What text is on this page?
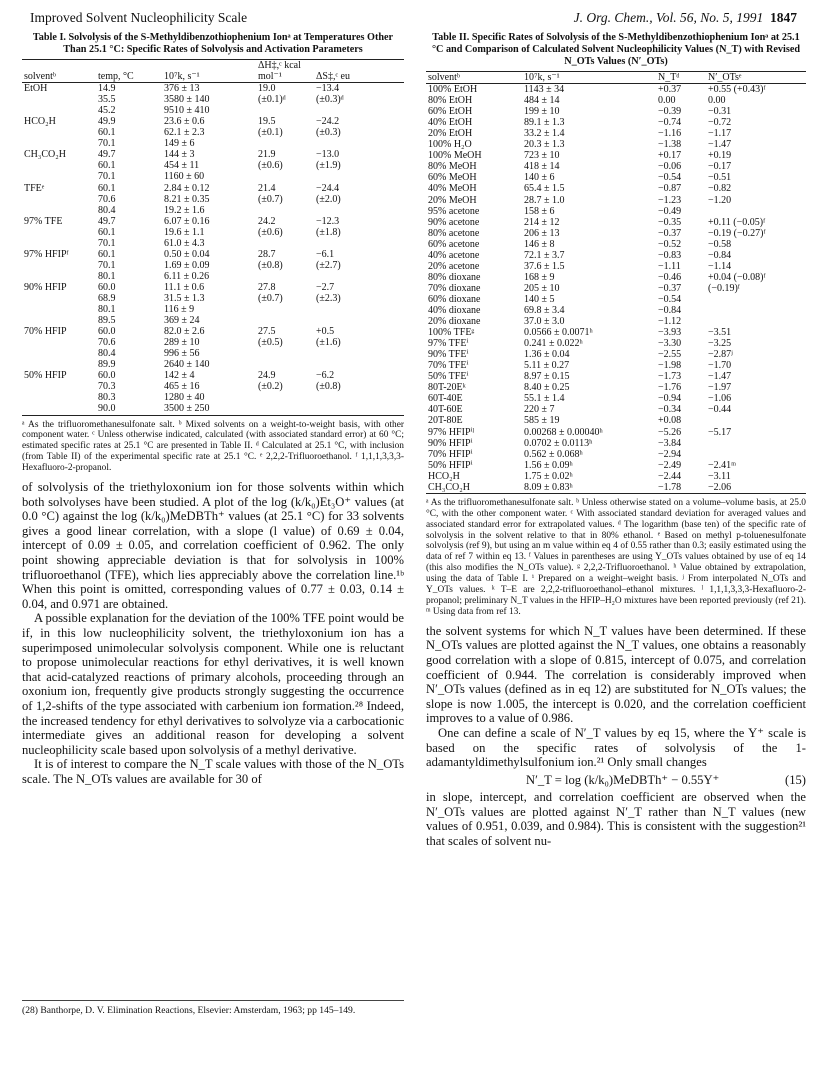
Improved Solvent Nucleophilicity Scale	J. Org. Chem., Vol. 56, No. 5, 1991 1847
Table I. Solvolysis of the S-Methyldibenzothiophenium Ionᵃ at Temperatures Other Than 25.1 °C: Specific Rates of Solvolysis and Activation Parameters
solventᵇ	temp, °C	10⁷k, s⁻¹	ΔH‡,ᶜ kcal mol⁻¹	ΔS‡,ᶜ eu
EtOH	14.9	376 ± 13	19.0	−13.4
	35.5	3580 ± 140	(±0.1)ᵈ	(±0.3)ᵈ
	45.2	9510 ± 410		
HCO₂H	49.9	23.6 ± 0.6	19.5	−24.2
	60.1	62.1 ± 2.3	(±0.1)	(±0.3)
	70.1	149 ± 6		
CH₃CO₂H	49.7	144 ± 3	21.9	−13.0
	60.1	454 ± 11	(±0.6)	(±1.9)
	70.1	1160 ± 60		
TFEᵉ	60.1	2.84 ± 0.12	21.4	−24.4
	70.6	8.21 ± 0.35	(±0.7)	(±2.0)
	80.4	19.2 ± 1.6		
97% TFE	49.7	6.07 ± 0.16	24.2	−12.3
	60.1	19.6 ± 1.1	(±0.6)	(±1.8)
	70.1	61.0 ± 4.3		
97% HFIPᶠ	60.1	0.50 ± 0.04	28.7	−6.1
	70.1	1.69 ± 0.09	(±0.8)	(±2.7)
	80.1	6.11 ± 0.26		
90% HFIP	60.0	11.1 ± 0.6	27.8	−2.7
	68.9	31.5 ± 1.3	(±0.7)	(±2.3)
	80.1	116 ± 9		
	89.5	369 ± 24		
70% HFIP	60.0	82.0 ± 2.6	27.5	+0.5
	70.6	289 ± 10	(±0.5)	(±1.6)
	80.4	996 ± 56		
	89.9	2640 ± 140		
50% HFIP	60.0	142 ± 4	24.9	−6.2
	70.3	465 ± 16	(±0.2)	(±0.8)
	80.3	1280 ± 40		
	90.0	3500 ± 250		
ᵃ As the trifluoromethanesulfonate salt. ᵇ Mixed solvents on a weight-to-weight basis, with other component water. ᶜ Unless otherwise indicated, calculated (with associated standard error) at 60 °C; estimated specific rates at 25.1 °C are presented in Table II. ᵈ Calculated at 25.1 °C, with inclusion (from Table II) of the experimental specific rate at 25.1 °C. ᵉ 2,2,2-Trifluoroethanol. ᶠ 1,1,1,3,3,3-Hexafluoro-2-propanol.

of solvolysis of the triethyloxonium ion for those solvents within which both solvolyses have been studied. A plot of the log (k/k₀)Et₃O⁺ values (at 0.0 °C) against the log (k/k₀)MeDBTh⁺ values (at 25.1 °C) for 33 solvents gives a good linear correlation, with a slope (l value) of 0.69 ± 0.04, intercept of 0.09 ± 0.05, and correlation coefficient of 0.962. The only point showing appreciable deviation is that for solvolysis in 100% trifluoroethanol (TFE), which lies appreciably above the correlation line.¹ᵇ When this point is omitted, corresponding values of 0.77 ± 0.03, 0.14 ± 0.04, and 0.971 are obtained.

A possible explanation for the deviation of the 100% TFE point would be if, in this low nucleophilicity solvent, the triethyloxonium ion has a superimposed unimolecular solvolysis component. While one is reluctant to propose unimolecular reactions for ethyl derivatives, it is well known that acid-catalyzed reactions of primary alcohols, proceeding through an oxonium ion, frequently give products strongly suggesting the occurrence of 1,2-shifts of the type associated with carbenium ion formation.²⁸ Indeed, the increased tendency for ethyl derivatives to solvolyze via a carbocationic intermediate gives an additional reason for developing a solvent nucleophilicity scale based upon solvolysis of a methyl derivative.

It is of interest to compare the N_T scale values with those of the N_OTs scale. The N_OTs values are available for 30 of

(28) Banthorpe, D. V. Elimination Reactions, Elsevier: Amsterdam, 1963; pp 145–149.
Table II. Specific Rates of Solvolysis of the S-Methyldibenzothiophenium Ionᵃ at 25.1 °C and Comparison of Calculated Solvent Nucleophilicity Values (N_T) with Revised N_OTs Values (N′_OTs)
solventᵇ	10⁷k, s⁻¹	N_Tᵈ	N′_OTsᵉ
100% EtOH	1143 ± 34	+0.37	+0.55 (+0.43)ᶠ
80% EtOH	484 ± 14	0.00	0.00
60% EtOH	199 ± 10	−0.39	−0.31
40% EtOH	89.1 ± 1.3	−0.74	−0.72
20% EtOH	33.2 ± 1.4	−1.16	−1.17
100% H₂O	20.3 ± 1.3	−1.38	−1.47
100% MeOH	723 ± 10	+0.17	+0.19
80% MeOH	418 ± 14	−0.06	−0.17
60% MeOH	140 ± 6	−0.54	−0.51
40% MeOH	65.4 ± 1.5	−0.87	−0.82
20% MeOH	28.7 ± 1.0	−1.23	−1.20
95% acetone	158 ± 6	−0.49	
90% acetone	214 ± 12	−0.35	+0.11 (−0.05)ᶠ
80% acetone	206 ± 13	−0.37	−0.19 (−0.27)ᶠ
60% acetone	146 ± 8	−0.52	−0.58
40% acetone	72.1 ± 3.7	−0.83	−0.84
20% acetone	37.6 ± 1.5	−1.11	−1.14
80% dioxane	168 ± 9	−0.46	+0.04 (−0.08)ᶠ
70% dioxane	205 ± 10	−0.37	(−0.19)ᶠ
60% dioxane	140 ± 5	−0.54	
40% dioxane	69.8 ± 3.4	−0.84	
20% dioxane	37.0 ± 3.0	−1.12	
100% TFEᵍ	0.0566 ± 0.0071ʰ	−3.93	−3.51
97% TFEⁱ	0.241 ± 0.022ʰ	−3.30	−3.25
90% TFEⁱ	1.36 ± 0.04	−2.55	−2.87ʲ
70% TFEⁱ	5.11 ± 0.27	−1.98	−1.70
50% TFEⁱ	8.97 ± 0.15	−1.73	−1.47
80T-20Eᵏ	8.40 ± 0.25	−1.76	−1.97
60T-40E	55.1 ± 1.4	−0.94	−1.06
40T-60E	220 ± 7	−0.34	−0.44
20T-80E	585 ± 19	+0.08	
97% HFIPⁱˡ	0.00268 ± 0.00040ʰ	−5.26	−5.17
90% HFIPⁱ	0.0702 ± 0.0113ʰ	−3.84	
70% HFIPⁱ	0.562 ± 0.068ʰ	−2.94	
50% HFIPⁱ	1.56 ± 0.09ʰ	−2.49	−2.41ᵐ
HCO₂H	1.75 ± 0.02ʰ	−2.44	−3.11
CH₃CO₂H	8.09 ± 0.83ʰ	−1.78	−2.06
ᵃ As the trifluoromethanesulfonate salt. ᵇ Unless otherwise stated on a volume–volume basis, at 25.0 °C, with the other component water. ᶜ With associated standard deviation for averaged values and associated standard error for extrapolated values. ᵈ The logarithm (base ten) of the specific rate of solvolysis in the solvent relative to that in 80% ethanol. ᵉ Based on methyl p-toluenesulfonate solvolysis (ref 9), but using an m value within eq 4 of 0.55 rather than 0.3; easily estimated using the data of ref 7 within eq 13. ᶠ Values in parentheses are using Y_OTs values obtained by use of eq 14 (this also modifies the N_OTs value). ᵍ 2,2,2-Trifluoroethanol. ʰ Value obtained by extrapolation, using the data of Table I. ⁱ Prepared on a weight–weight basis. ʲ From interpolated N_OTs and Y_OTs values. ᵏ T–E are 2,2,2-trifluoroethanol–ethanol mixtures. ˡ 1,1,1,3,3,3-Hexafluoro-2-propanol; preliminary N_T values in the HFIP–H₂O mixtures have been reported previously (ref 21). ᵐ Using data from ref 13.

the solvent systems for which N_T values have been determined. If these N_OTs values are plotted against the N_T values, one obtains a reasonably good correlation with a slope of 0.815, intercept of 0.075, and correlation coefficient of 0.944. The correlation is considerably improved when N′_OTs values (defined as in eq 12) are substituted for N_OTs values; the slope is now 1.005, the intercept is 0.020, and the correlation coefficient improves to a value of 0.986.

One can define a scale of N′_T values by eq 15, where the Y⁺ scale is based on the specific rates of solvolysis of the 1-adamantyldimethylsulfonium ion.²¹ Only small changes

N′_T = log (k/k₀)MeDBTh⁺ − 0.55Y⁺	(15)

in slope, intercept, and correlation coefficient are observed when the N′_OTs values are plotted against N′_T rather than N_T values (new values of 0.951, 0.039, and 0.984). This is consistent with the suggestion²¹ that scales of solvent nu-
